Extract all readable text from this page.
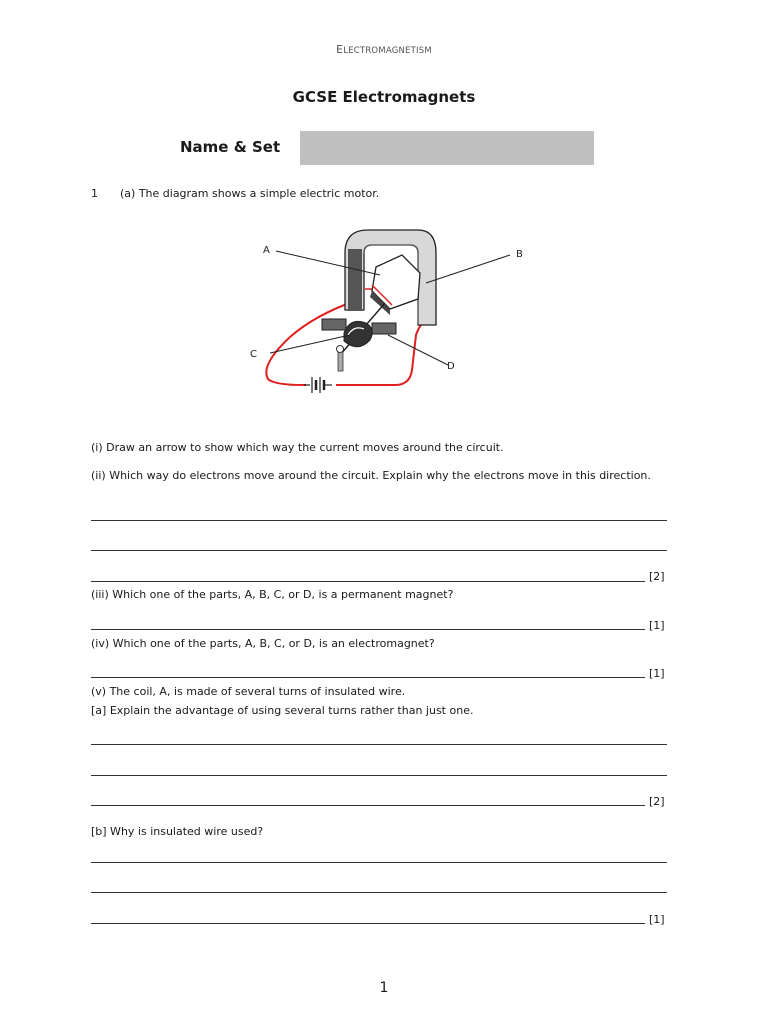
ELECTROMAGNETISM
GCSE Electromagnets
Name & Set
1 (a) The diagram shows a simple electric motor.
A	B
C
D
(i) Draw an arrow to show which way the current moves around the circuit.
(ii) Which way do electrons move around the circuit. Explain why the electrons move in this direction.
[2]
(iii) Which one of the parts, A, B, C, or D, is a permanent magnet?
[1]
(iv) Which one of the parts, A, B, C, or D, is an electromagnet?
[1]
(v) The coil, A, is made of several turns of insulated wire.
[a] Explain the advantage of using several turns rather than just one.
[2]
[b] Why is insulated wire used?
[1]
1
